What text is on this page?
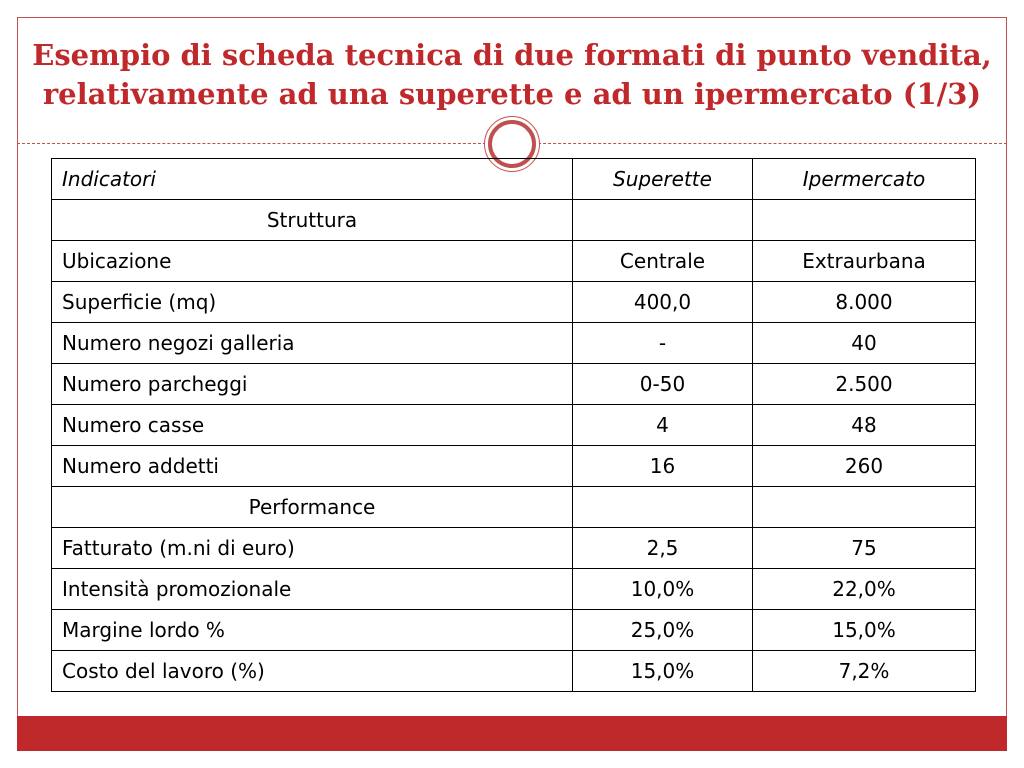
Esempio di scheda tecnica di due formati di punto vendita,
relativamente ad una superette e ad un ipermercato (1/3)
Indicatori	Superette	Ipermercato
Struttura		
Ubicazione	Centrale	Extraurbana
Superficie (mq)	400,0	8.000
Numero negozi galleria	-	40
Numero parcheggi	0-50	2.500
Numero casse	4	48
Numero addetti	16	260
Performance		
Fatturato (m.ni di euro)	2,5	75
Intensità promozionale	10,0%	22,0%
Margine lordo %	25,0%	15,0%
Costo del lavoro (%)	15,0%	7,2%
